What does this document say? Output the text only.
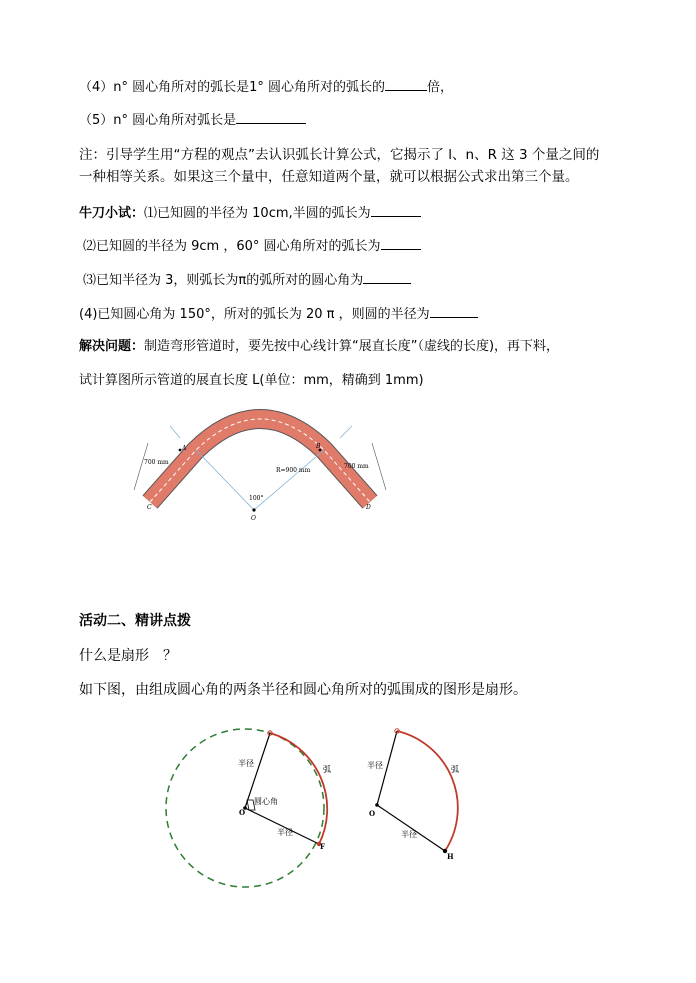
（4）n° 圆心角所对的弧长是1° 圆心角所对的弧长的	倍，
（5）n° 圆心角所对弧长是
注：引导学生用“方程的观点”去认识弧长计算公式，它揭示了 l、n、R 这 3 个量之间的
一种相等关系。如果这三个量中，任意知道两个量，就可以根据公式求出第三个量。
牛刀小试：⑴已知圆的半径为 10cm,半圆的弧长为
⑵已知圆的半径为 9cm ，60° 圆心角所对的弧长为
⑶已知半径为 3，则弧长为π的弧所对的圆心角为
(4)已知圆心角为 150°，所对的弧长为 20 π ，则圆的半径为
解决问题：制造弯形管道时，要先按中心线计算“展直长度”（虚线的长度)，再下料，
试计算图所示管道的展直长度 L(单位：mm，精确到 1mm)
700 mm
700 mm
R=900 mm
100°
A	B
C	D
O
活动二、精讲点拨
什么是扇形　？
如下图，由组成圆心角的两条半径和圆心角所对的弧围成的图形是扇形。
半径
半径
弧
圆心角
O
F
半径
半径
弧
O
H
